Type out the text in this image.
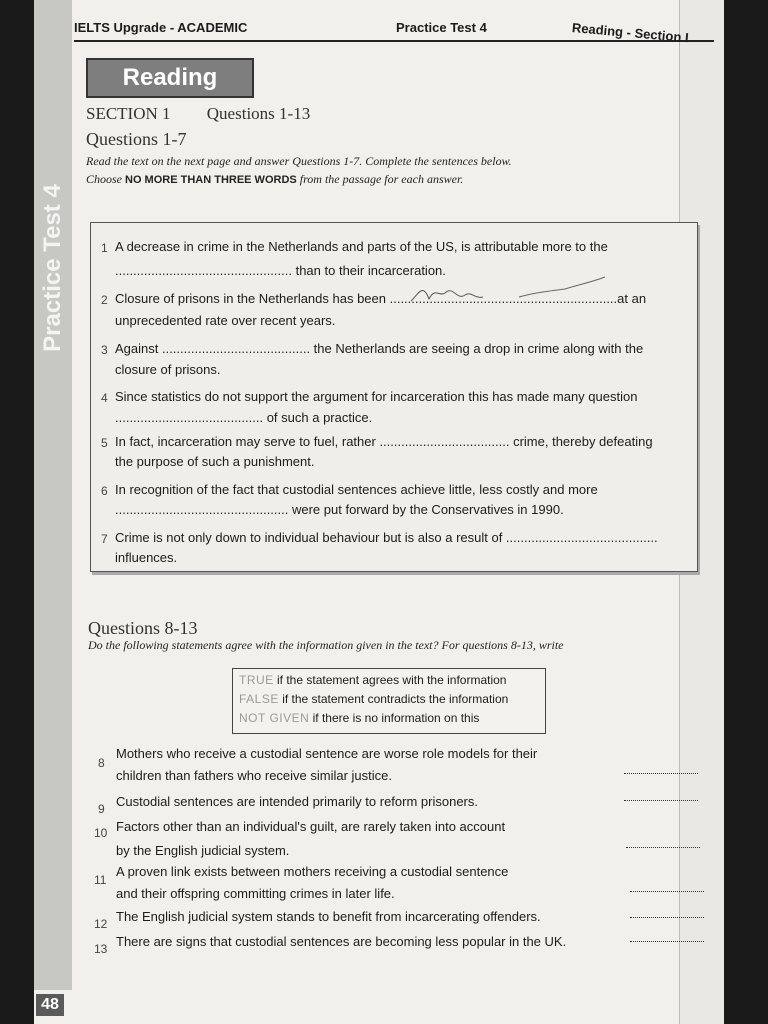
Practice Test 4
48
IELTS Upgrade - ACADEMIC	Practice Test 4	Reading - Section I
Reading
SECTION 1 Questions 1-13
Questions 1-7
Read the text on the next page and answer Questions 1-7. Complete the sentences below.
Choose NO MORE THAN THREE WORDS from the passage for each answer.
1 A decrease in crime in the Netherlands and parts of the US, is attributable more to the
................................................. than to their incarceration.
2 Closure of prisons in the Netherlands has been ...............................................................at an
unprecedented rate over recent years.
3 Against ......................................... the Netherlands are seeing a drop in crime along with the
closure of prisons.
4 Since statistics do not support the argument for incarceration this has made many question
......................................... of such a practice.
5 In fact, incarceration may serve to fuel, rather .................................... crime, thereby defeating
the purpose of such a punishment.
6 In recognition of the fact that custodial sentences achieve little, less costly and more
................................................ were put forward by the Conservatives in 1990.
7 Crime is not only down to individual behaviour but is also a result of ..........................................
influences.
Questions 8-13
Do the following statements agree with the information given in the text? For questions 8-13, write
TRUE if the statement agrees with the information
FALSE if the statement contradicts the information
NOT GIVEN if there is no information on this
8
Mothers who receive a custodial sentence are worse role models for their
children than fathers who receive similar justice.
9 Custodial sentences are intended primarily to reform prisoners.
10 Factors other than an individual's guilt, are rarely taken into account
by the English judicial system.
11
A proven link exists between mothers receiving a custodial sentence
and their offspring committing crimes in later life.
12 The English judicial system stands to benefit from incarcerating offenders.
13 There are signs that custodial sentences are becoming less popular in the UK.
